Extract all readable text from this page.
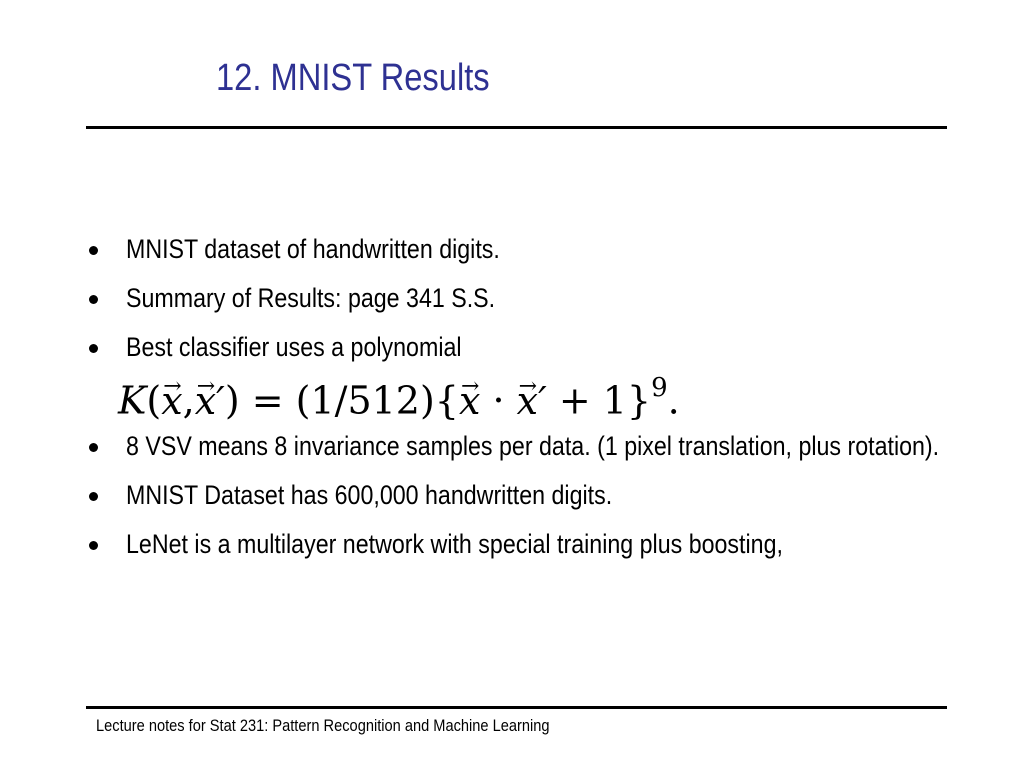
12. MNIST Results
MNIST dataset of handwritten digits.
Summary of Results: page 341 S.S.
Best classifier uses a polynomial
8 VSV means 8 invariance samples per data. (1 pixel translation, plus rotation).
MNIST Dataset has 600,000 handwritten digits.
LeNet is a multilayer network with special training plus boosting,
K(→ x,→ x′) = (1/512){→ x · → x′ + 1}$^9$.
Lecture notes for Stat 231: Pattern Recognition and Machine Learning
